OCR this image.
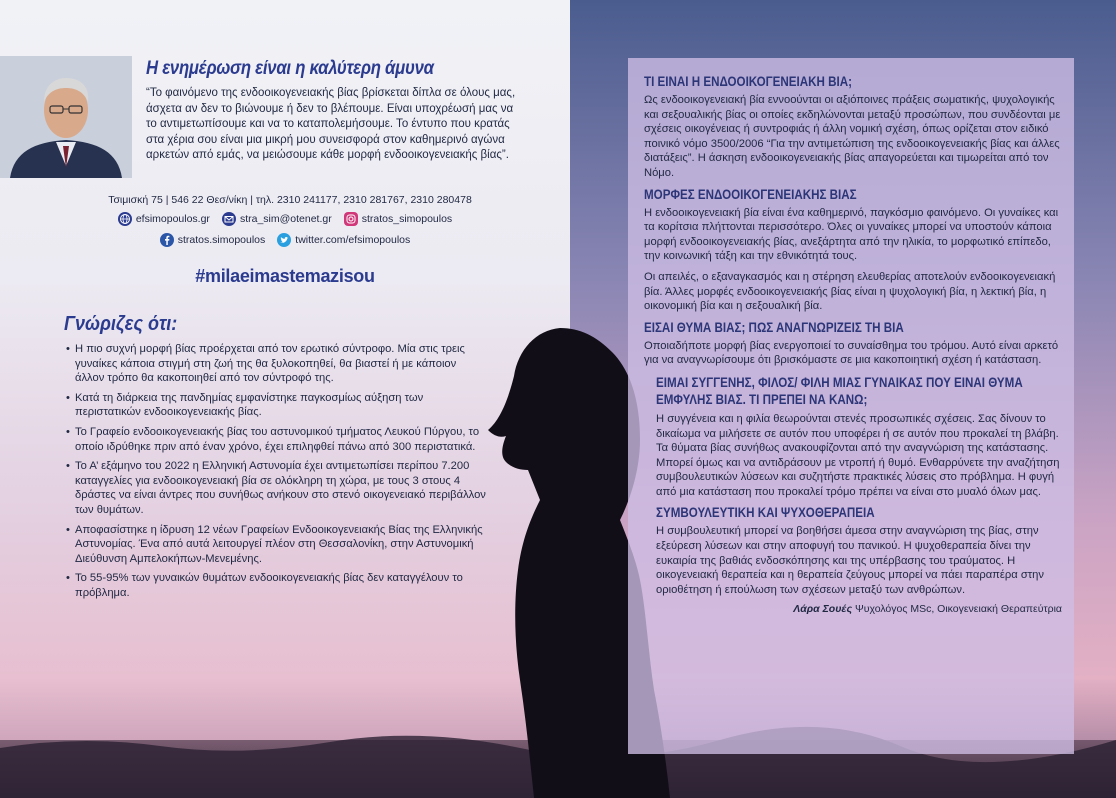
Η ενημέρωση είναι η καλύτερη άμυνα
“Το φαινόμενο της ενδοοικογενειακής βίας βρίσκεται δίπλα σε όλους μας, άσχετα αν δεν το βιώνουμε ή δεν το βλέπουμε. Είναι υποχρέωσή μας να το αντιμετωπίσουμε και να το καταπολεμήσουμε. Το έντυπο που κρατάς στα χέρια σου είναι μια μικρή μου συνεισφορά στον καθημερινό αγώνα αρκετών από εμάς, να μειώσουμε κάθε μορφή ενδοοικογενειακής βίας”.
Τσιμισκή 75 | 546 22 Θεσ/νίκη | τηλ. 2310 241177, 2310 281767, 2310 280478
efsimopoulos.gr	stra_sim@otenet.gr	stratos_simopoulos
stratos.simopoulos	twitter.com/efsimopoulos
#milaeimastemazisou
Γνώριζες ότι:
• Η πιο συχνή μορφή βίας προέρχεται από τον ερωτικό σύντροφο. Μία στις τρεις γυναίκες κάποια στιγμή στη ζωή της θα ξυλοκοπηθεί, θα βιαστεί ή με κάποιον άλλον τρόπο θα κακοποιηθεί από τον σύντροφό της.
• Κατά τη διάρκεια της πανδημίας εμφανίστηκε παγκοσμίως αύξηση των περιστατικών ενδοοικογενειακής βίας.
• Το Γραφείο ενδοοικογενειακής βίας του αστυνομικού τμήματος Λευκού Πύργου, το οποίο ιδρύθηκε πριν από έναν χρόνο, έχει επιληφθεί πάνω από 300 περιστατικά.
• Το Α’ εξάμηνο του 2022 η Ελληνική Αστυνομία έχει αντιμετωπίσει περίπου 7.200 καταγγελίες για ενδοοικογενειακή βία σε ολόκληρη τη χώρα, με τους 3 στους 4 δράστες να είναι άντρες που συνήθως ανήκουν στο στενό οικογενειακό περιβάλλον των θυμάτων.
• Αποφασίστηκε η ίδρυση 12 νέων Γραφείων Ενδοοικογενειακής Βίας της Ελληνικής Αστυνομίας. Ένα από αυτά λειτουργεί πλέον στη Θεσσαλονίκη, στην Αστυνομική Διεύθυνση Αμπελοκήπων-Μενεμένης.
• Το 55-95% των γυναικών θυμάτων ενδοοικογενειακής βίας δεν καταγγέλουν το πρόβλημα.
ΤΙ ΕΙΝΑΙ Η ΕΝΔΟΟΙΚΟΓΕΝΕΙΑΚΗ ΒΙΑ;

Ως ενδοοικογενειακή βία εννοούνται οι αξιόποινες πράξεις σωματικής, ψυχολογικής και σεξουαλικής βίας οι οποίες εκδηλώνονται μεταξύ προσώπων, που συνδέονται με σχέσεις οικογένειας ή συντροφιάς ή άλλη νομική σχέση, όπως ορίζεται στον ειδικό ποινικό νόμο 3500/2006 “Για την αντιμετώπιση της ενδοοικογενειακής βίας και άλλες διατάξεις”. Η άσκηση ενδοοικογενειακής βίας απαγορεύεται και τιμωρείται από τον Νόμο.

ΜΟΡΦΕΣ ΕΝΔΟΟΙΚΟΓΕΝΕΙΑΚΗΣ ΒΙΑΣ

Η ενδοοικογενειακή βία είναι ένα καθημερινό, παγκόσμιο φαινόμενο. Οι γυναίκες και τα κορίτσια πλήττονται περισσότερο. Όλες οι γυναίκες μπορεί να υποστούν κάποια μορφή ενδοοικογενειακής βίας, ανεξάρτητα από την ηλικία, το μορφωτικό επίπεδο, την κοινωνική τάξη και την εθνικότητά τους.

Οι απειλές, ο εξαναγκασμός και η στέρηση ελευθερίας αποτελούν ενδοοικογενειακή βία. Άλλες μορφές ενδοοικογενειακής βίας είναι η ψυχολογική βία, η λεκτική βία, η οικονομική βία και η σεξουαλική βία.

ΕΙΣΑΙ ΘΥΜΑ ΒΙΑΣ; ΠΩΣ ΑΝΑΓΝΩΡΙΖΕΙΣ ΤΗ ΒΙΑ

Οποιαδήποτε μορφή βίας ενεργοποιεί το συναίσθημα του τρόμου. Αυτό είναι αρκετό για να αναγνωρίσουμε ότι βρισκόμαστε σε μια κακοποιητική σχέση ή κατάσταση.

ΕΙΜΑΙ ΣΥΓΓΕΝΗΣ, ΦΙΛΟΣ/ ΦΙΛΗ ΜΙΑΣ ΓΥΝΑΙΚΑΣ ΠΟΥ ΕΙΝΑΙ ΘΥΜΑ ΕΜΦΥΛΗΣ ΒΙΑΣ. ΤΙ ΠΡΕΠΕΙ ΝΑ ΚΑΝΩ;

Η συγγένεια και η φιλία θεωρούνται στενές προσωπικές σχέσεις. Σας δίνουν το δικαίωμα να μιλήσετε σε αυτόν που υποφέρει ή σε αυτόν που προκαλεί τη βλάβη. Τα θύματα βίας συνήθως ανακουφίζονται από την αναγνώριση της κατάστασης. Μπορεί όμως και να αντιδράσουν με ντροπή ή θυμό. Ενθαρρύνετε την αναζήτηση συμβουλευτικών λύσεων και συζητήστε πρακτικές λύσεις στο πρόβλημα. Η φυγή από μια κατάσταση που προκαλεί τρόμο πρέπει να είναι στο μυαλό όλων μας.

ΣΥΜΒΟΥΛΕΥΤΙΚΗ ΚΑΙ ΨΥΧΟΘΕΡΑΠΕΙΑ

Η συμβουλευτική μπορεί να βοηθήσει άμεσα στην αναγνώριση της βίας, στην εξεύρεση λύσεων και στην αποφυγή του πανικού. Η ψυχοθεραπεία δίνει την ευκαιρία της βαθιάς ενδοσκόπησης και της υπέρβασης του τραύματος. Η οικογενειακή θεραπεία και η θεραπεία ζεύγους μπορεί να πάει παραπέρα στην οριοθέτηση ή επούλωση των σχέσεων μεταξύ των ανθρώπων.

Λάρα Σουές Ψυχολόγος MSc, Οικογενειακή Θεραπεύτρια
